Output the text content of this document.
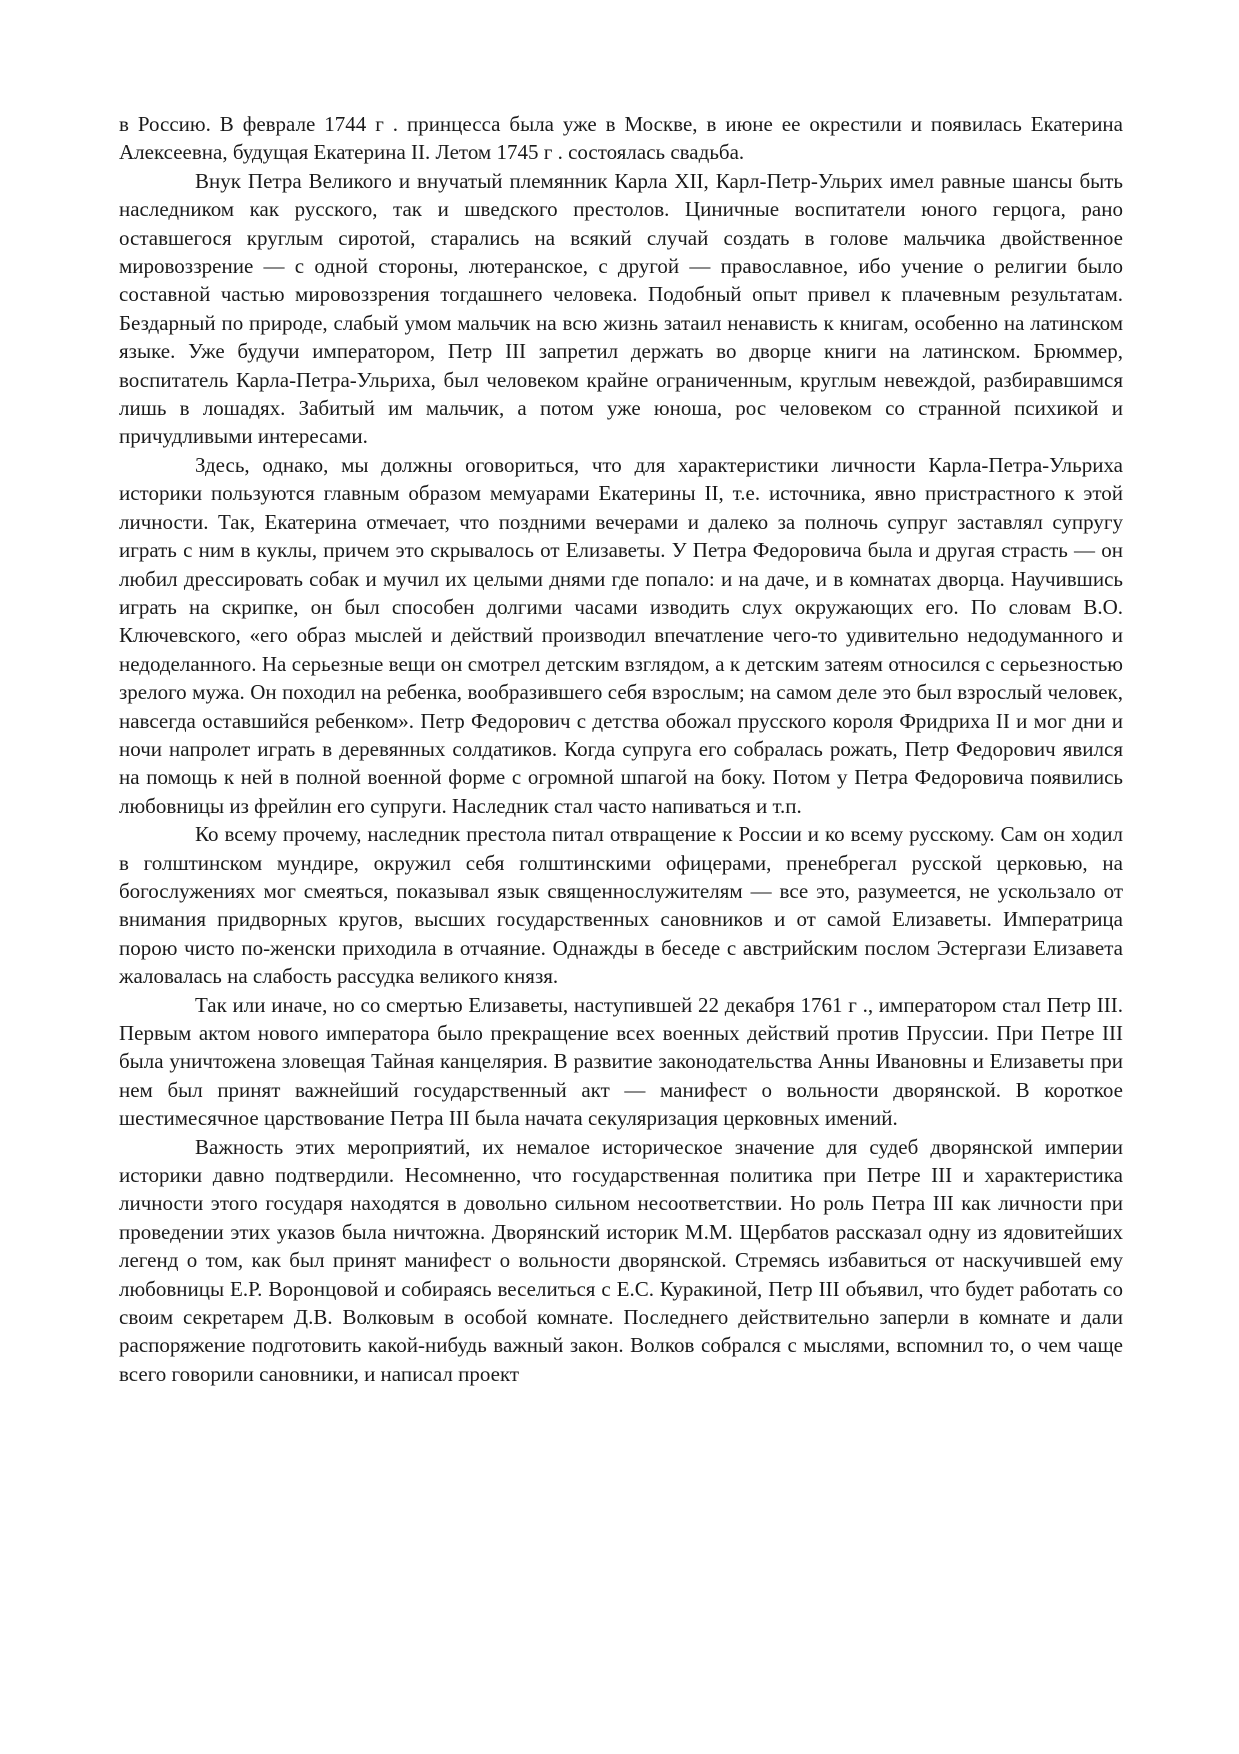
в Россию. В феврале 1744 г . принцесса была уже в Москве, в июне ее окрестили и появилась Екатерина Алексеевна, будущая Екатерина II. Летом 1745 г . состоялась свадьба.

Внук Петра Великого и внучатый племянник Карла XII, Карл-Петр-Ульрих имел равные шансы быть наследником как русского, так и шведского престолов. Циничные воспитатели юного герцога, рано оставшегося круглым сиротой, старались на всякий случай создать в голове мальчика двойственное мировоззрение — с одной стороны, лютеранское, с другой — православное, ибо учение о религии было составной частью мировоззрения тогдашнего человека. Подобный опыт привел к плачевным результатам. Бездарный по природе, слабый умом мальчик на всю жизнь затаил ненависть к книгам, особенно на латинском языке. Уже будучи императором, Петр III запретил держать во дворце книги на латинском. Брюммер, воспитатель Карла-Петра-Ульриха, был человеком крайне ограниченным, круглым невеждой, разбиравшимся лишь в лошадях. Забитый им мальчик, а потом уже юноша, рос человеком со странной психикой и причудливыми интересами.

Здесь, однако, мы должны оговориться, что для характеристики личности Карла-Петра-Ульриха историки пользуются главным образом мемуарами Екатерины II, т.е. источника, явно пристрастного к этой личности. Так, Екатерина отмечает, что поздними вечерами и далеко за полночь супруг заставлял супругу играть с ним в куклы, причем это скрывалось от Елизаветы. У Петра Федоровича была и другая страсть — он любил дрессировать собак и мучил их целыми днями где попало: и на даче, и в комнатах дворца. Научившись играть на скрипке, он был способен долгими часами изводить слух окружающих его. По словам В.О. Ключевского, «его образ мыслей и действий производил впечатление чего-то удивительно недодуманного и недоделанного. На серьезные вещи он смотрел детским взглядом, а к детским затеям относился с серьезностью зрелого мужа. Он походил на ребенка, вообразившего себя взрослым; на самом деле это был взрослый человек, навсегда оставшийся ребенком». Петр Федорович с детства обожал прусского короля Фридриха II и мог дни и ночи напролет играть в деревянных солдатиков. Когда супруга его собралась рожать, Петр Федорович явился на помощь к ней в полной военной форме с огромной шпагой на боку. Потом у Петра Федоровича появились любовницы из фрейлин его супруги. Наследник стал часто напиваться и т.п.

Ко всему прочему, наследник престола питал отвращение к России и ко всему русскому. Сам он ходил в голштинском мундире, окружил себя голштинскими офицерами, пренебрегал русской церковью, на богослужениях мог смеяться, показывал язык священнослужителям — все это, разумеется, не ускользало от внимания придворных кругов, высших государственных сановников и от самой Елизаветы. Императрица порою чисто по-женски приходила в отчаяние. Однажды в беседе с австрийским послом Эстергази Елизавета жаловалась на слабость рассудка великого князя.

Так или иначе, но со смертью Елизаветы, наступившей 22 декабря 1761 г ., императором стал Петр III. Первым актом нового императора было прекращение всех военных действий против Пруссии. При Петре III была уничтожена зловещая Тайная канцелярия. В развитие законодательства Анны Ивановны и Елизаветы при нем был принят важнейший государственный акт — манифест о вольности дворянской. В короткое шестимесячное царствование Петра III была начата секуляризация церковных имений.

Важность этих мероприятий, их немалое историческое значение для судеб дворянской империи историки давно подтвердили. Несомненно, что государственная политика при Петре III и характеристика личности этого государя находятся в довольно сильном несоответствии. Но роль Петра III как личности при проведении этих указов была ничтожна. Дворянский историк М.М. Щербатов рассказал одну из ядовитейших легенд о том, как был принят манифест о вольности дворянской. Стремясь избавиться от наскучившей ему любовницы Е.Р. Воронцовой и собираясь веселиться с Е.С. Куракиной, Петр III объявил, что будет работать со своим секретарем Д.В. Волковым в особой комнате. Последнего действительно заперли в комнате и дали распоряжение подготовить какой-нибудь важный закон. Волков собрался с мыслями, вспомнил то, о чем чаще всего говорили сановники, и написал проект
